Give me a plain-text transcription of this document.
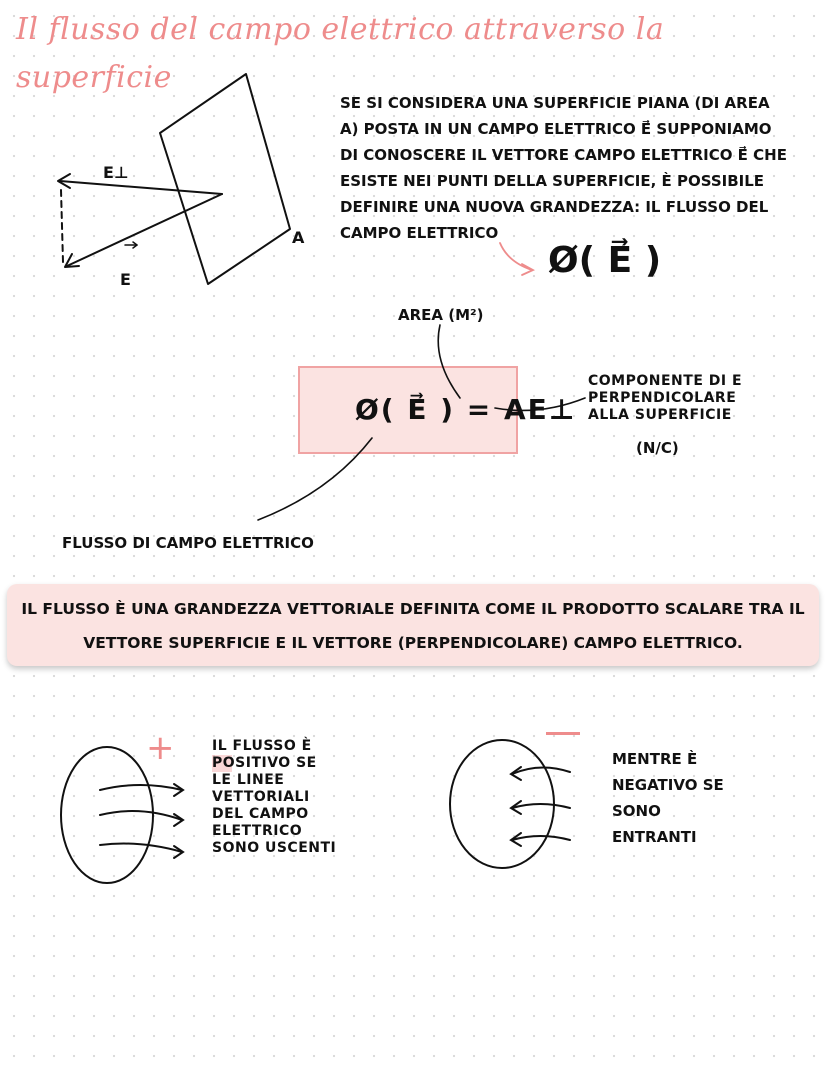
Il flusso del campo elettrico attraverso la
superficie
E⊥
E
A
SE SI CONSIDERA UNA SUPERFICIE PIANA (DI AREA
A) POSTA IN UN CAMPO ELETTRICO E⃗ SUPPONIAMO
DI CONOSCERE IL VETTORE CAMPO ELETTRICO E⃗ CHE
ESISTE NEI PUNTI DELLA SUPERFICIE, È POSSIBILE
DEFINIRE UNA NUOVA GRANDEZZA: IL FLUSSO DEL
CAMPO ELETTRICO
Ø( E⃗ )
AREA (M²)
Ø( E⃗ ) = AE⊥
COMPONENTE DI E
PERPENDICOLARE
ALLA SUPERFICIE
(N/C)
FLUSSO DI CAMPO ELETTRICO
IL FLUSSO È UNA GRANDEZZA VETTORIALE DEFINITA COME IL PRODOTTO SCALARE TRA IL
VETTORE SUPERFICIE E IL VETTORE (PERPENDICOLARE) CAMPO ELETTRICO.
+	IL FLUSSO È
POSITIVO SE
LE LINEE
VETTORIALI
DEL CAMPO
ELETTRICO
SONO USCENTI
MENTRE È
NEGATIVO SE
SONO
ENTRANTI
